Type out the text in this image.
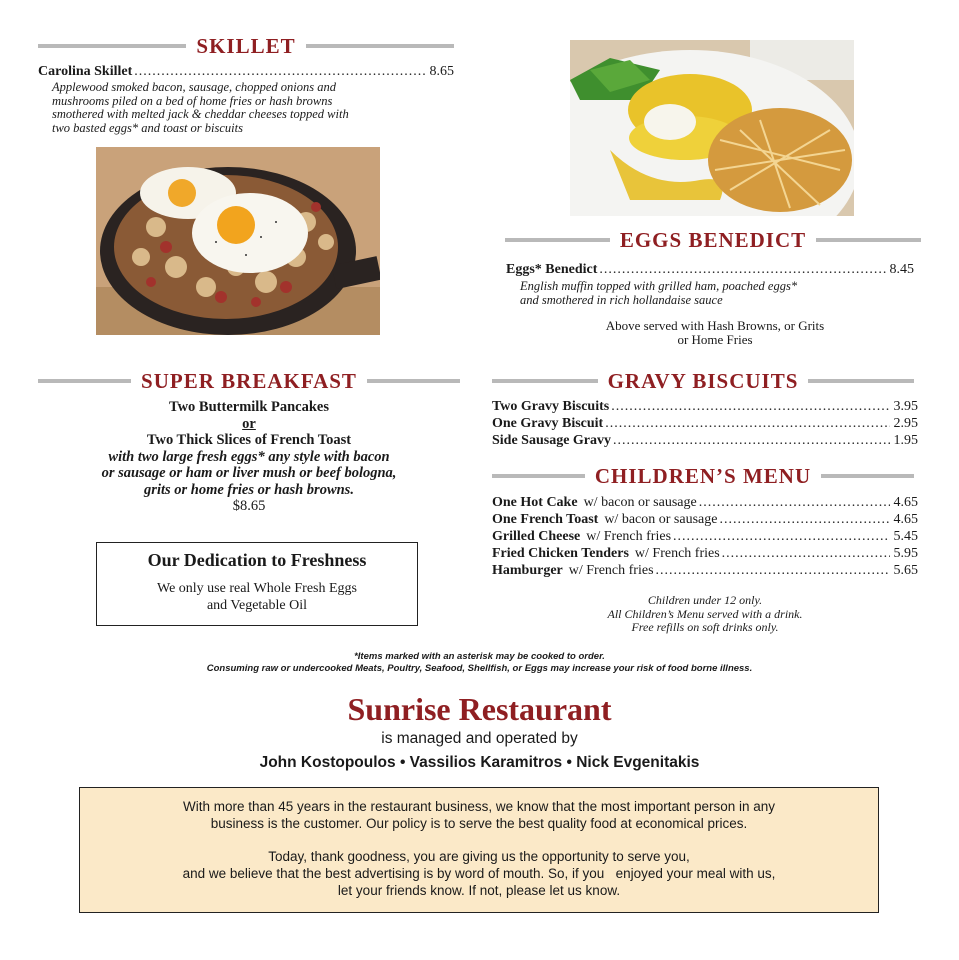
SKILLET
Carolina Skillet .....	8.65
Applewood smoked bacon, sausage, chopped onions and
mushrooms piled on a bed of home fries or hash browns
smothered with melted jack & cheddar cheeses topped with
two basted eggs* and toast or biscuits
EGGS BENEDICT
Eggs* Benedict .....	8.45
English muffin topped with grilled ham, poached eggs*
and smothered in rich hollandaise sauce
Above served with Hash Browns, or Grits
or Home Fries
SUPER BREAKFAST
Two Buttermilk Pancakes
or
Two Thick Slices of French Toast
with two large fresh eggs* any style with bacon
or sausage or ham or liver mush or beef bologna,
grits or home fries or hash browns.
$8.65
Our Dedication to Freshness
We only use real Whole Fresh Eggs
and Vegetable Oil
GRAVY BISCUITS
Two Gravy Biscuits .....	3.95
One Gravy Biscuit .....	2.95
Side Sausage Gravy .....	1.95
CHILDREN’S MENU
One Hot Cake w/ bacon or sausage .....	4.65
One French Toast w/ bacon or sausage .....	4.65
Grilled Cheese w/ French fries .....	5.45
Fried Chicken Tenders w/ French fries .....	5.95
Hamburger w/ French fries .....	5.65
Children under 12 only.
All Children’s Menu served with a drink.
Free refills on soft drinks only.
*Items marked with an asterisk may be cooked to order.
Consuming raw or undercooked Meats, Poultry, Seafood, Shellfish, or Eggs may increase your risk of food borne illness.
Sunrise Restaurant
is managed and operated by
John Kostopoulos • Vassilios Karamitros • Nick Evgenitakis
With more than 45 years in the restaurant business, we know that the most important person in any
business is the customer. Our policy is to serve the best quality food at economical prices.
Today, thank goodness, you are giving us the opportunity to serve you,
and we believe that the best advertising is by word of mouth. So, if you   enjoyed your meal with us,
let your friends know. If not, please let us know.
